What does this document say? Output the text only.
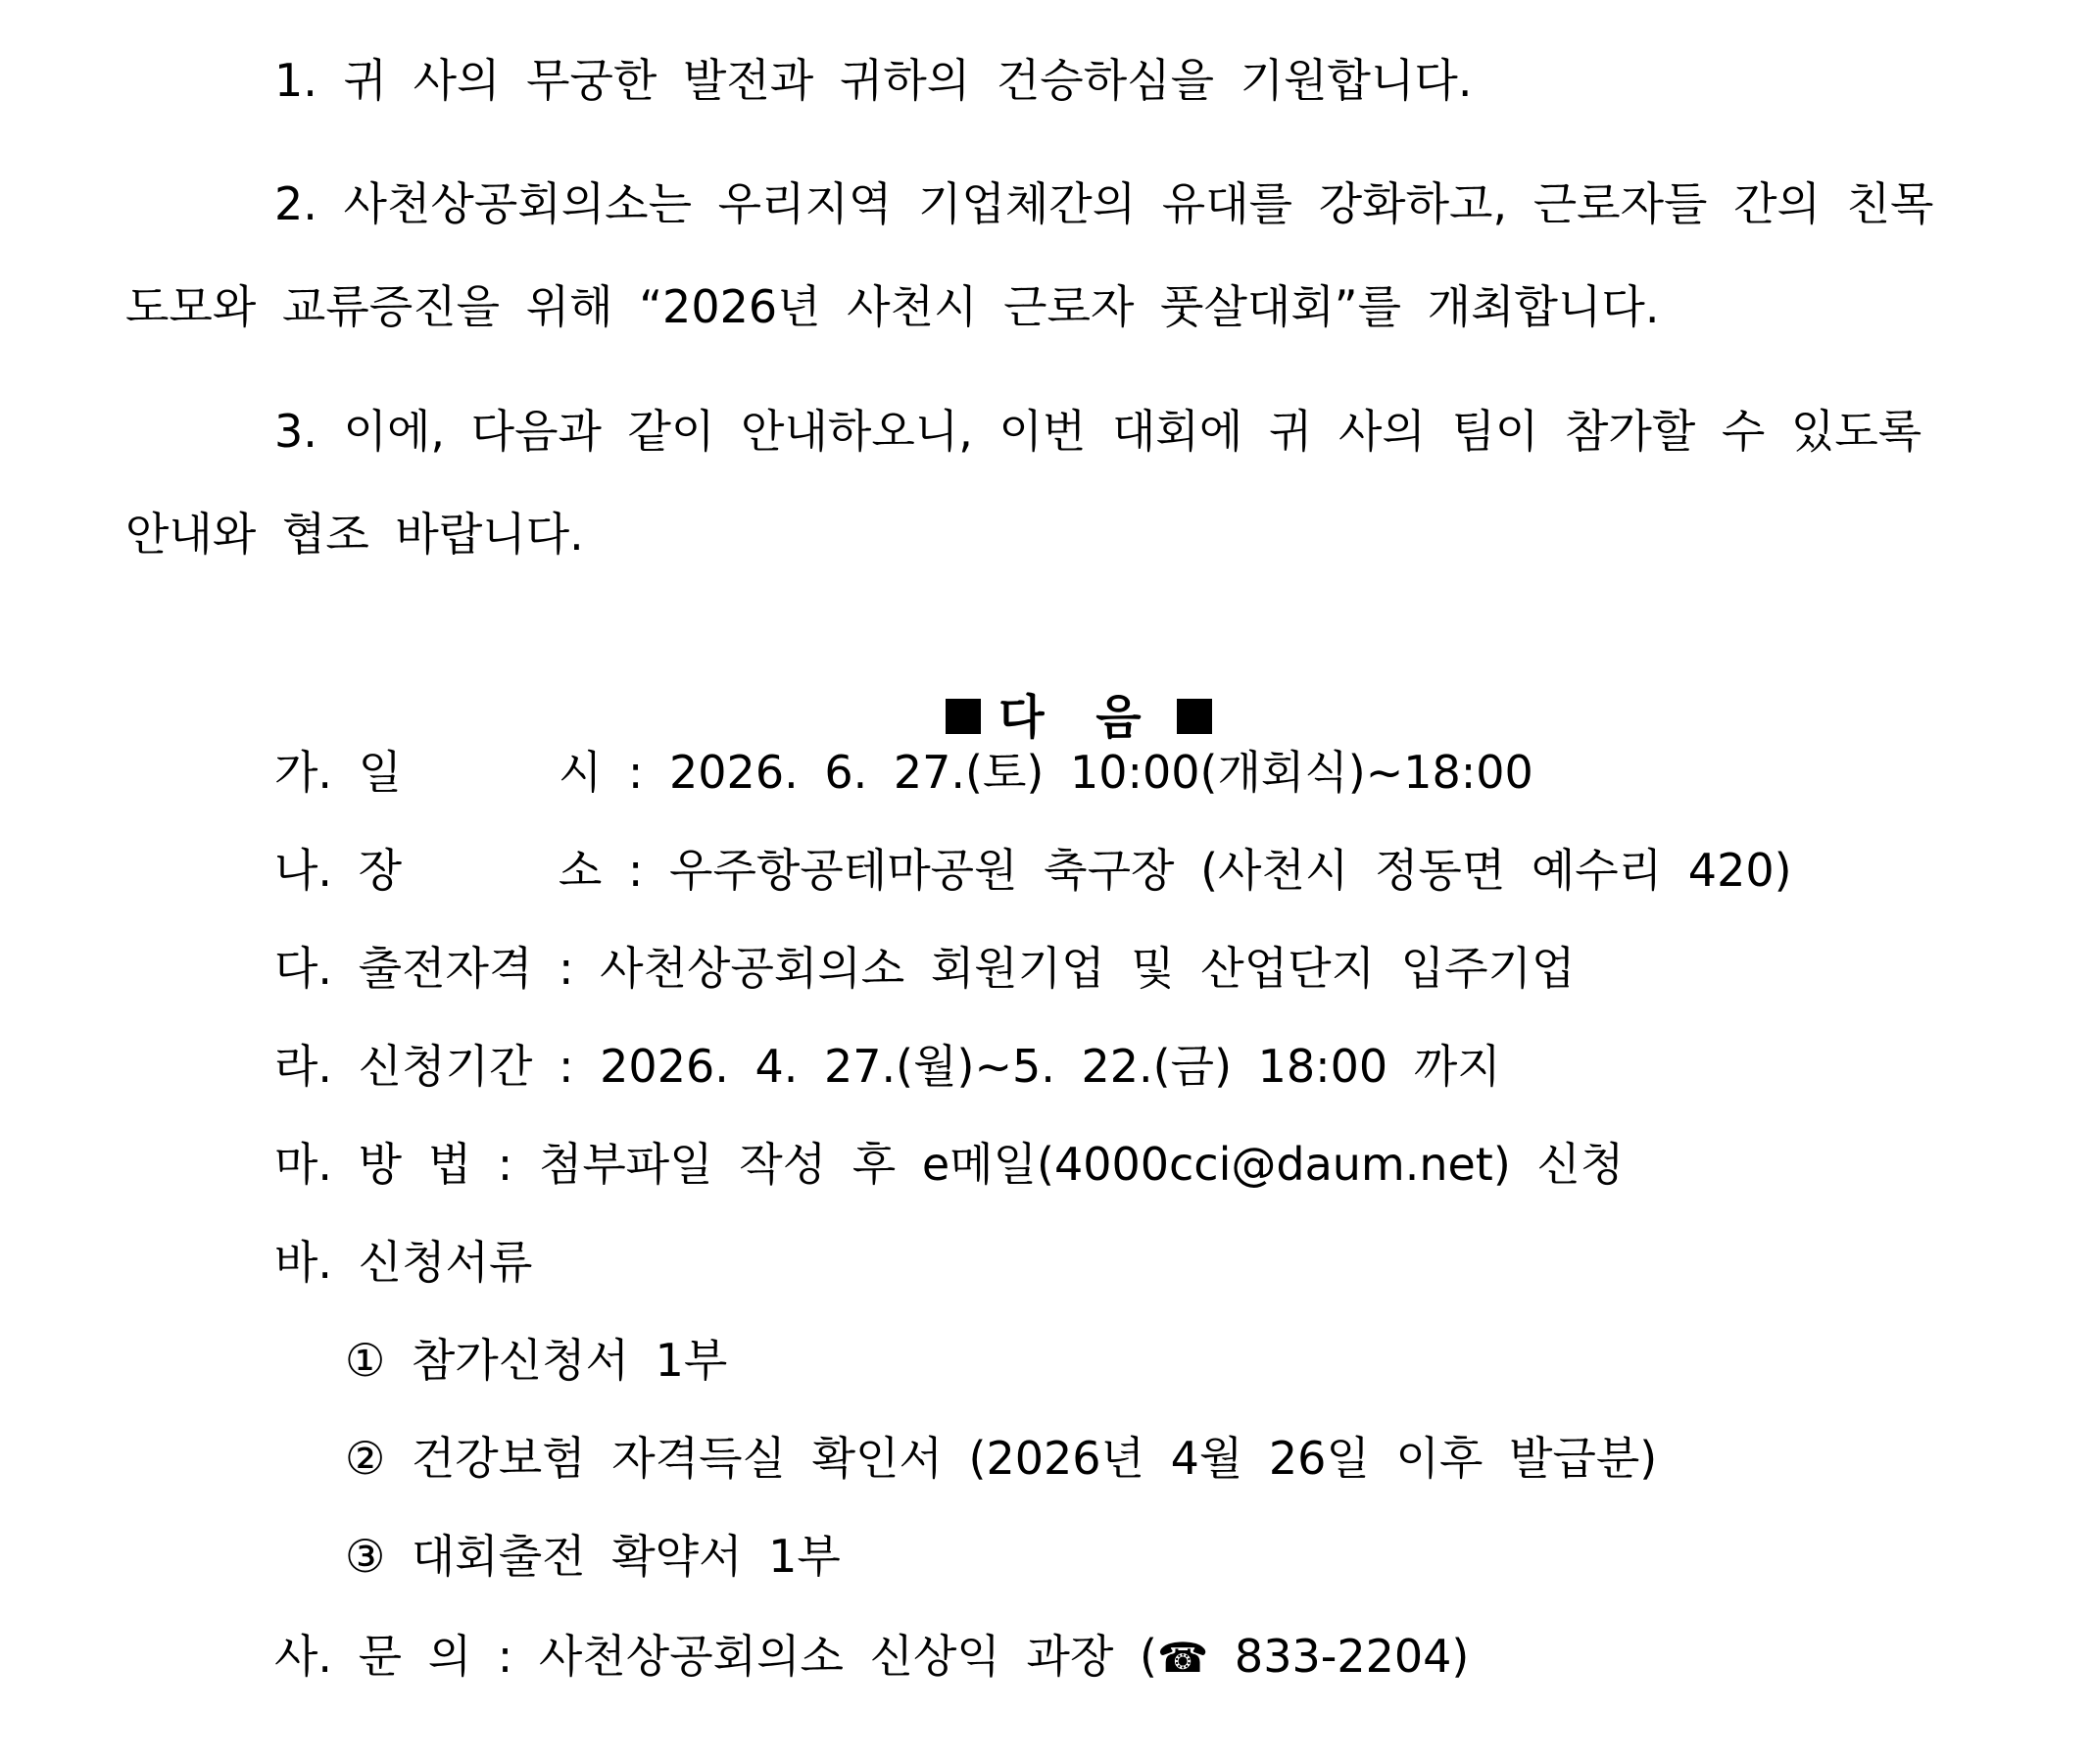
1. 귀 사의 무궁한 발전과 귀하의 건승하심을 기원합니다.
2. 사천상공회의소는 우리지역 기업체간의 유대를 강화하고, 근로자들 간의 친목
도모와 교류증진을 위해 “2026년 사천시 근로자 풋살대회”를 개최합니다.
3. 이에, 다음과 같이 안내하오니, 이번 대회에 귀 사의 팀이 참가할 수 있도록
안내와 협조 바랍니다.

다 음

가. 일      시 : 2026. 6. 27.(토) 10:00(개회식)~18:00
나. 장      소 : 우주항공테마공원 축구장 (사천시 정동면 예수리 420)
다. 출전자격 : 사천상공회의소 회원기업 및 산업단지 입주기업
라. 신청기간 : 2026. 4. 27.(월)~5. 22.(금) 18:00 까지
마. 방 법 : 첨부파일 작성 후 e메일(4000cci@daum.net) 신청
바. 신청서류
① 참가신청서 1부
② 건강보험 자격득실 확인서 (2026년 4월 26일 이후 발급분)
③ 대회출전 확약서 1부
사. 문 의 : 사천상공회의소 신상익 과장 (☎ 833-2204)
